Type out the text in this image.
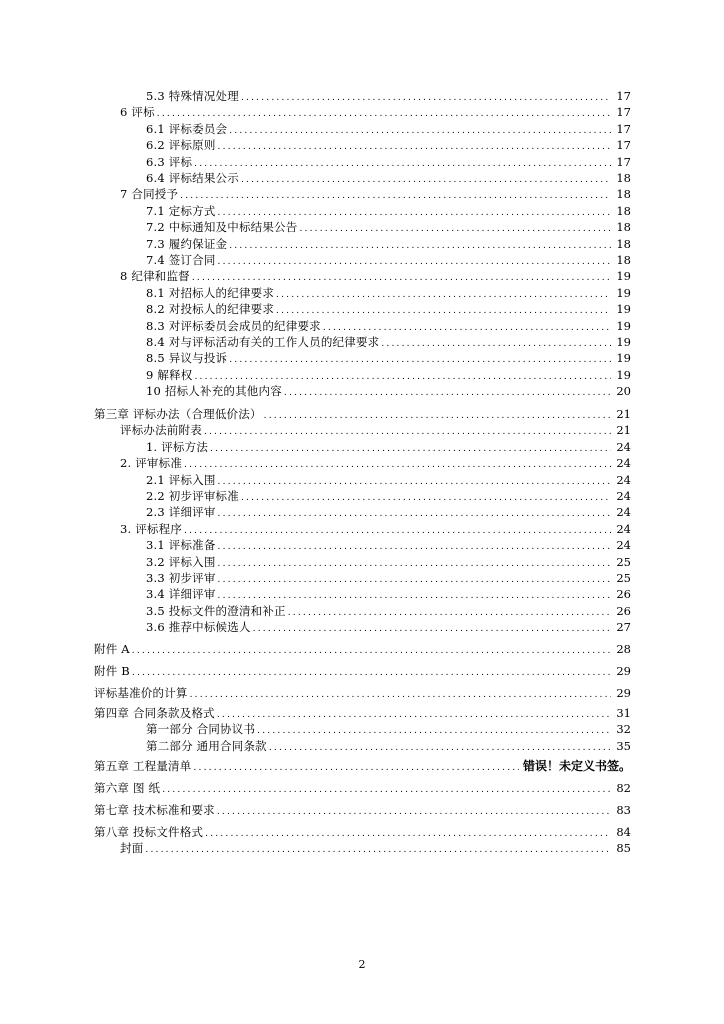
5.3 特殊情况处理 .....	17
6 评标 .....	17
6.1 评标委员会 .....	17
6.2 评标原则 .....	17
6.3 评标 .....	17
6.4 评标结果公示 .....	18
7 合同授予 .....	18
7.1 定标方式 .....	18
7.2 中标通知及中标结果公告 .....	18
7.3 履约保证金 .....	18
7.4 签订合同 .....	18
8 纪律和监督 .....	19
8.1 对招标人的纪律要求 .....	19
8.2 对投标人的纪律要求 .....	19
8.3 对评标委员会成员的纪律要求 .....	19
8.4 对与评标活动有关的工作人员的纪律要求 .....	19
8.5 异议与投诉 .....	19
9 解释权 .....	19
10 招标人补充的其他内容 .....	20
第三章 评标办法（合理低价法） .....	21
评标办法前附表 .....	21
1. 评标方法 .....	24
2. 评审标准 .....	24
2.1 评标入围 .....	24
2.2 初步评审标准 .....	24
2.3 详细评审 .....	24
3. 评标程序 .....	24
3.1 评标准备 .....	24
3.2 评标入围 .....	25
3.3 初步评审 .....	25
3.4 详细评审 .....	26
3.5 投标文件的澄清和补正 .....	26
3.6 推荐中标候选人 .....	27
附件 A .....	28
附件 B .....	29
评标基准价的计算 .....	29
第四章 合同条款及格式 .....	31
第一部分 合同协议书 .....	32
第二部分 通用合同条款 .....	35
第五章 工程量清单 .....	错误！未定义书签。
第六章 图 纸 .....	82
第七章 技术标准和要求 .....	83
第八章 投标文件格式 .....	84
封面 .....	85
2
